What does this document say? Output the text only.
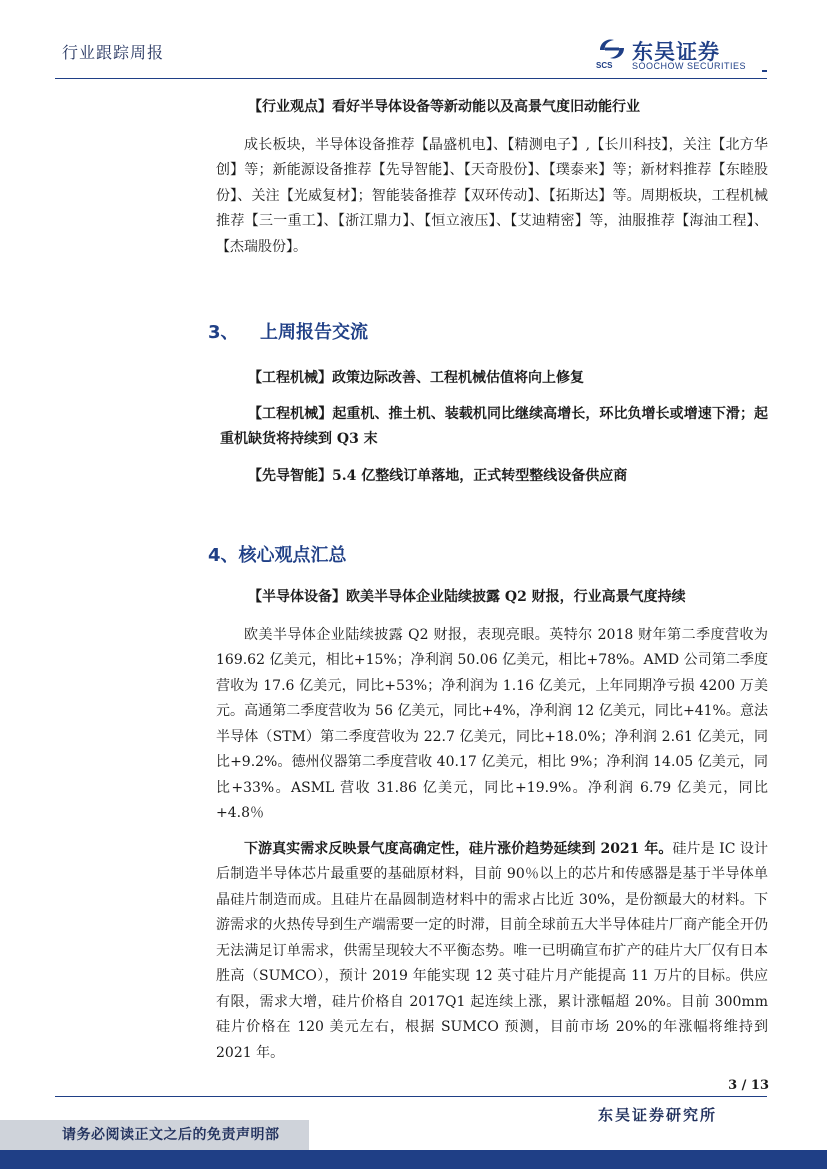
行业跟踪周报
SCS
东吴证券
SOOCHOW SECURITIES

【行业观点】看好半导体设备等新动能以及高景气度旧动能行业

成长板块，半导体设备推荐【晶盛机电】、【精测电子】,【长川科技】，关注【北方华创】等；新能源设备推荐【先导智能】、【天奇股份】、【璞泰来】等；新材料推荐【东睦股份】、关注【光威复材】；智能装备推荐【双环传动】、【拓斯达】等。周期板块，工程机械推荐【三一重工】、【浙江鼎力】、【恒立液压】、【艾迪精密】等，油服推荐【海油工程】、【杰瑞股份】。

3、	上周报告交流

【工程机械】政策边际改善、工程机械估值将向上修复

【工程机械】起重机、推土机、装载机同比继续高增长，环比负增长或增速下滑；起重机缺货将持续到 Q3 末

【先导智能】5.4 亿整线订单落地，正式转型整线设备供应商

4、核心观点汇总

【半导体设备】欧美半导体企业陆续披露 Q2 财报，行业高景气度持续

欧美半导体企业陆续披露 Q2 财报，表现亮眼。英特尔 2018 财年第二季度营收为 169.62 亿美元，相比+15%；净利润 50.06 亿美元，相比+78%。AMD 公司第二季度营收为 17.6 亿美元，同比+53%；净利润为 1.16 亿美元，上年同期净亏损 4200 万美元。高通第二季度营收为 56 亿美元，同比+4%，净利润 12 亿美元，同比+41%。意法半导体（STM）第二季度营收为 22.7 亿美元，同比+18.0%；净利润 2.61 亿美元，同比+9.2%。德州仪器第二季度营收 40.17 亿美元，相比 9%；净利润 14.05 亿美元，同比+33%。ASML 营收 31.86 亿美元，同比+19.9%。净利润 6.79 亿美元，同比+4.8％

下游真实需求反映景气度高确定性，硅片涨价趋势延续到 2021 年。硅片是 IC 设计后制造半导体芯片最重要的基础原材料，目前 90％以上的芯片和传感器是基于半导体单晶硅片制造而成。且硅片在晶圆制造材料中的需求占比近 30%，是份额最大的材料。下游需求的火热传导到生产端需要一定的时滞，目前全球前五大半导体硅片厂商产能全开仍无法满足订单需求，供需呈现较大不平衡态势。唯一已明确宣布扩产的硅片大厂仅有日本胜高（SUMCO），预计 2019 年能实现 12 英寸硅片月产能提高 11 万片的目标。供应有限，需求大增，硅片价格自 2017Q1 起连续上涨，累计涨幅超 20%。目前 300mm 硅片价格在 120 美元左右，根据 SUMCO 预测，目前市场 20%的年涨幅将维持到 2021 年。

3 / 13
东吴证券研究所
请务必阅读正文之后的免责声明部
